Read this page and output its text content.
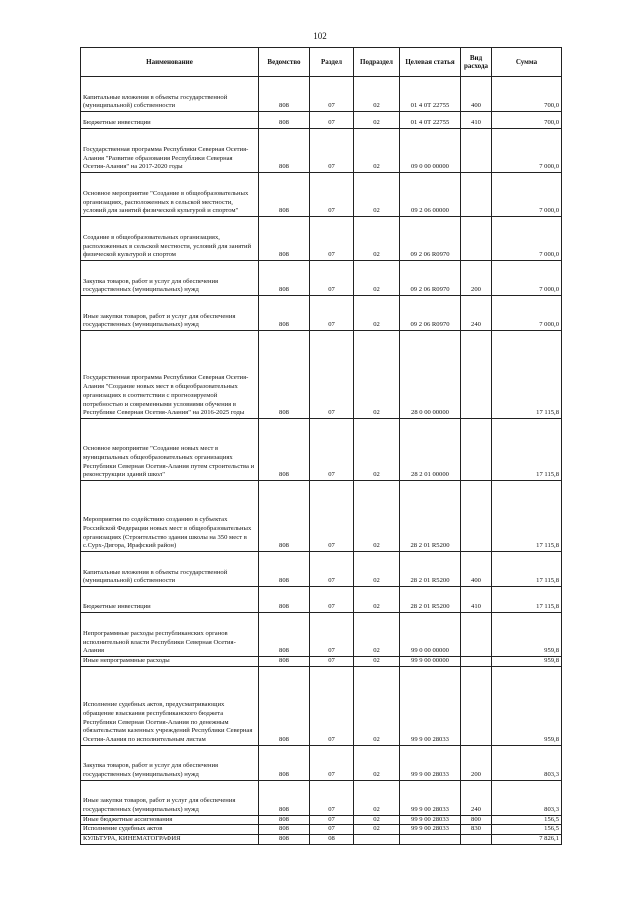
102
Наименование	Ведомство	Раздел	Подраздел	Целевая статья	Вид расхода	Сумма
Капитальные вложения в объекты государственной (муниципальной) собственности	808	07	02	01 4 0Т 22755	400	700,0
Бюджетные инвестиции	808	07	02	01 4 0Т 22755	410	700,0
Государственная программа Республики Северная Осетия-Алания "Развитие образования Республики Северная Осетия-Алания" на 2017-2020 годы	808	07	02	09 0 00 00000		7 000,0
Основное мероприятие "Создание в общеобразовательных организациях, расположенных в сельской местности, условий для занятий физической культурой и спортом"	808	07	02	09 2 06 00000		7 000,0
Создание в общеобразовательных организациях, расположенных в сельской местности, условий для занятий физической культурой и спортом	808	07	02	09 2 06 R0970		7 000,0
Закупка товаров, работ и услуг для обеспечения государственных (муниципальных) нужд	808	07	02	09 2 06 R0970	200	7 000,0
Иные закупки товаров, работ и услуг для обеспечения государственных (муниципальных) нужд	808	07	02	09 2 06 R0970	240	7 000,0
Государственная программа Республики Северная Осетия-Алания "Создание новых мест в общеобразовательных организациях в соответствии с прогнозируемой потребностью и современными условиями обучения в Республике Северная Осетия-Алания" на 2016-2025 годы	808	07	02	28 0 00 00000		17 115,8
Основное мероприятие "Создание новых мест в муниципальных общеобразовательных организациях Республики Северная Осетия-Алания путем строительства и реконструкции зданий школ"	808	07	02	28 2 01 00000		17 115,8
Мероприятия по содействию созданию в субъектах Российской Федерации новых мест в общеобразовательных организациях (Строительство здания школы на 350 мест в с.Сурх-Дигора, Ирафский район)	808	07	02	28 2 01 R5200		17 115,8
Капитальные вложения в объекты государственной (муниципальной) собственности	808	07	02	28 2 01 R5200	400	17 115,8
Бюджетные инвестиции	808	07	02	28 2 01 R5200	410	17 115,8
Непрограммные расходы республиканских органов исполнительной власти Республики Северная Осетия-Алания	808	07	02	99 0 00 00000		959,8
Иные непрограммные расходы	808	07	02	99 9 00 00000		959,8
Исполнение судебных актов, предусматривающих обращение взыскания республиканского бюджета Республики Северная Осетия-Алания по денежным обязательствам казенных учреждений Республики Северная Осетия-Алания по исполнительным листам	808	07	02	99 9 00 28033		959,8
Закупка товаров, работ и услуг для обеспечения государственных (муниципальных) нужд	808	07	02	99 9 00 28033	200	803,3
Иные закупки товаров, работ и услуг для обеспечения государственных (муниципальных) нужд	808	07	02	99 9 00 28033	240	803,3
Иные бюджетные ассигнования	808	07	02	99 9 00 28033	800	156,5
Исполнение судебных актов	808	07	02	99 9 00 28033	830	156,5
КУЛЬТУРА, КИНЕМАТОГРАФИЯ	808	08				7 826,1
